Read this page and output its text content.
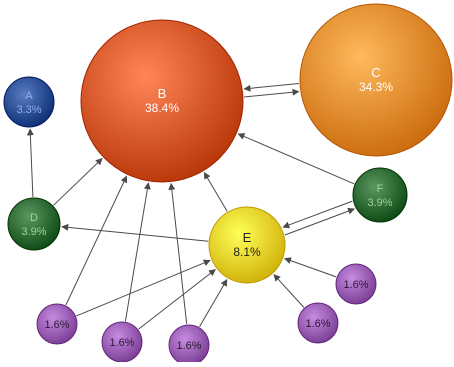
A
3.3%
B
38.4%
C
34.3%
D
3.9%	E
8.1%
F
3.9%
1.6%
1.6%	1.6%
1.6%
1.6%
